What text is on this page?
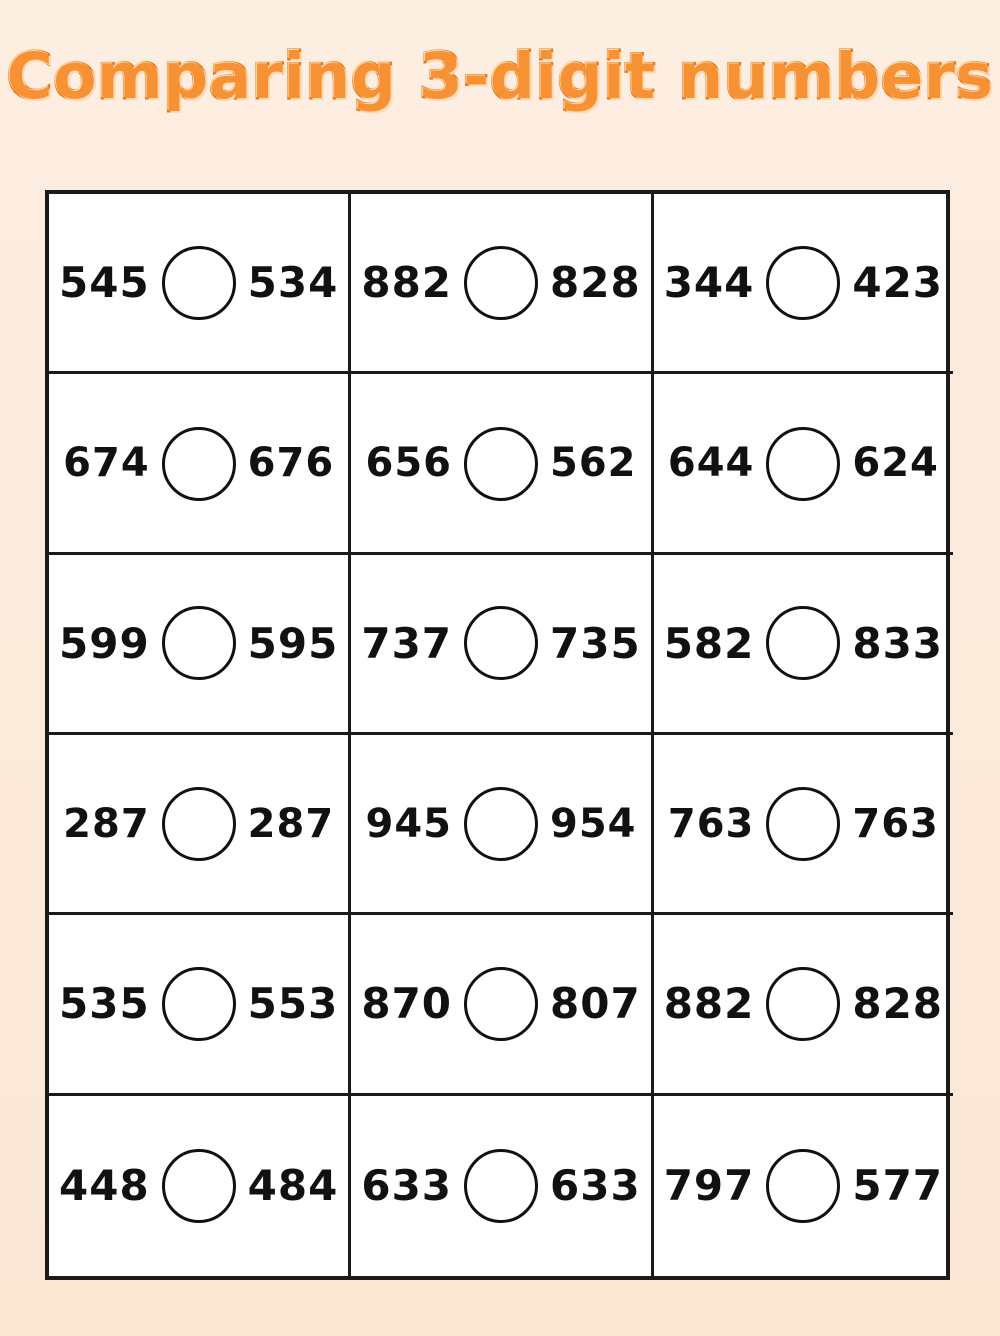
Comparing 3-digit numbers
545 534 882 828 344 423
674 676 656 562 644 624
599 595 737 735 582 833
287 287 945 954 763 763
535 553 870 807 882 828
448 484 633 633 797 577
